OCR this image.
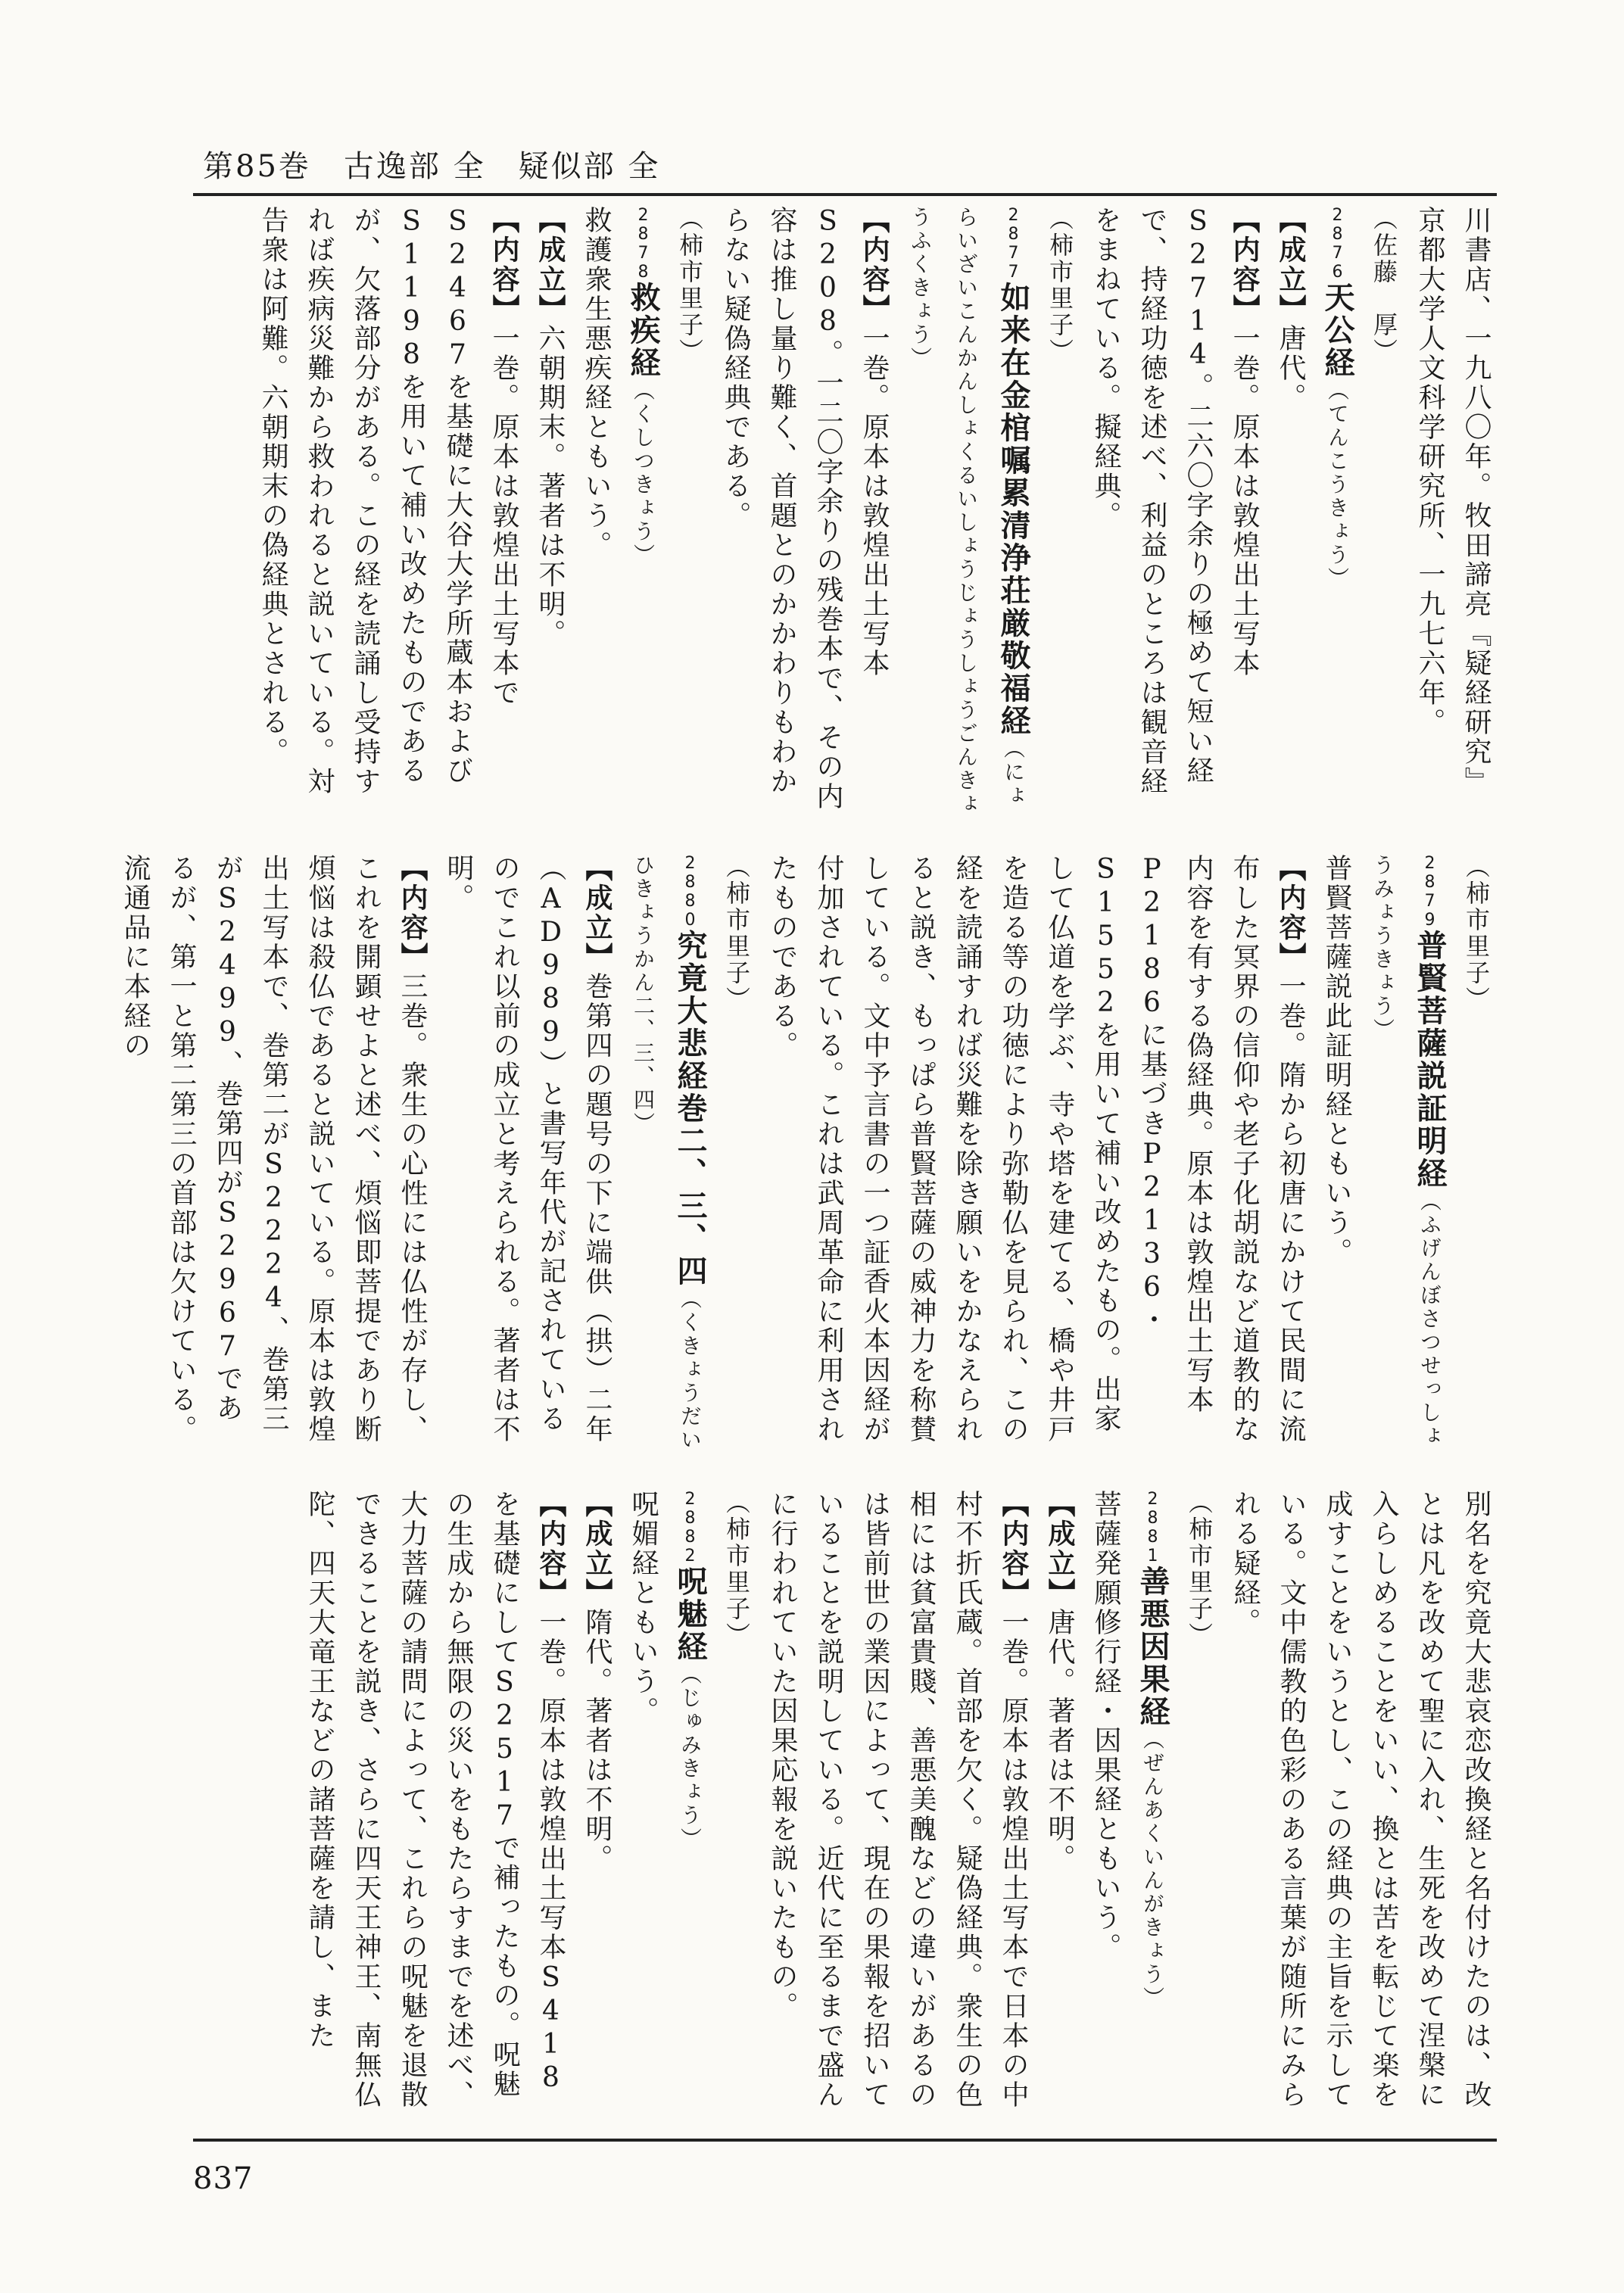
第85巻　古逸部 全　疑似部 全

川書店、一九八〇年。牧田諦亮『疑経研究』

京都大学人文科学研究所、一九七六年。

（佐藤　厚）

2876天公経（てんこうきょう）

【成立】唐代。

【内容】一巻。原本は敦煌出土写本S2714。二六〇字余りの極めて短い経で、持経功徳を述べ、利益のところは観音経をまねている。擬経典。

（柿市里子）

2877如来在金棺嘱累清浄荘厳敬福経（にょらいざいこんかんしょくるいしょうじょうしょうごんきょうふくきょう）

【内容】一巻。原本は敦煌出土写本S208。一二〇字余りの残巻本で、その内容は推し量り難く、首題とのかかわりもわからない疑偽経典である。

（柿市里子）

2878救疾経（くしつきょう）

救護衆生悪疾経ともいう。

【成立】六朝期末。著者は不明。

【内容】一巻。原本は敦煌出土写本でS2467を基礎に大谷大学所蔵本およびS1198を用いて補い改めたものであるが、欠落部分がある。この経を読誦し受持すれば疾病災難から救われると説いている。対告衆は阿難。六朝期末の偽経典とされる。

（柿市里子）

2879普賢菩薩説証明経（ふげんぼさつせっしょうみょうきょう）

普賢菩薩説此証明経ともいう。

【内容】一巻。隋から初唐にかけて民間に流布した冥界の信仰や老子化胡説など道教的な内容を有する偽経典。原本は敦煌出土写本P2186に基づきP2136・S1552を用いて補い改めたもの。出家して仏道を学ぶ、寺や塔を建てる、橋や井戸を造る等の功徳により弥勒仏を見られ、この経を読誦すれば災難を除き願いをかなえられると説き、もっぱら普賢菩薩の威神力を称賛している。文中予言書の一つ証香火本因経が付加されている。これは武周革命に利用されたものである。

（柿市里子）

2880究竟大悲経巻二、三、四（くきょうだいひきょうかん二、三、四）

【成立】巻第四の題号の下に端供（拱）二年（AD989）と書写年代が記されているのでこれ以前の成立と考えられる。著者は不明。

【内容】三巻。衆生の心性には仏性が存し、これを開顕せよと述べ、煩悩即菩提であり断煩悩は殺仏であると説いている。原本は敦煌出土写本で、巻第二がS2224、巻第三がS2499、巻第四がS2967であるが、第一と第二第三の首部は欠けている。流通品に本経の

別名を究竟大悲哀恋改換経と名付けたのは、改とは凡を改めて聖に入れ、生死を改めて涅槃に入らしめることをいい、換とは苦を転じて楽を成すことをいうとし、この経典の主旨を示している。文中儒教的色彩のある言葉が随所にみられる疑経。

（柿市里子）

2881善悪因果経（ぜんあくいんがきょう）

菩薩発願修行経・因果経ともいう。

【成立】唐代。著者は不明。

【内容】一巻。原本は敦煌出土写本で日本の中村不折氏蔵。首部を欠く。疑偽経典。衆生の色相には貧富貴賤、善悪美醜などの違いがあるのは皆前世の業因によって、現在の果報を招いていることを説明している。近代に至るまで盛んに行われていた因果応報を説いたもの。

（柿市里子）

2882呪魅経（じゅみきょう）

呪媚経ともいう。

【成立】隋代。著者は不明。

【内容】一巻。原本は敦煌出土写本S418を基礎にしてS2517で補ったもの。呪魅の生成から無限の災いをもたらすまでを述べ、大力菩薩の請問によって、これらの呪魅を退散できることを説き、さらに四天王神王、南無仏陀、四天大竜王などの諸菩薩を請し、また

837
